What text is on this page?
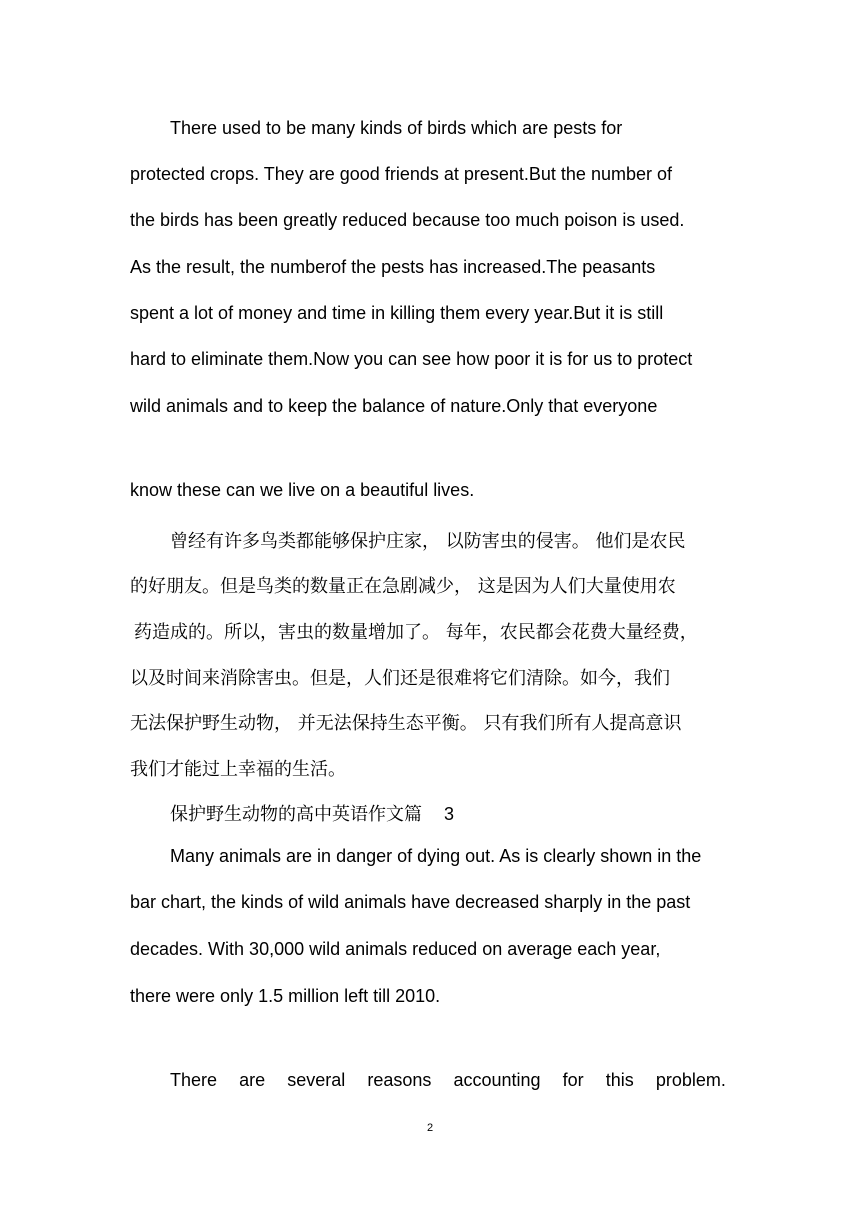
There used to be many kinds of birds which are pests for

protected crops. They are good friends at present.But the number of

the birds has been greatly reduced because too much poison is used.

As the result, the numberof the pests has increased.The peasants

spent a lot of money and time in killing them every year.But it is still

hard to eliminate them.Now you can see how poor it is for us to protect

wild animals and to keep the balance of nature.Only that everyone

know these can we live on a beautiful lives.

曾经有许多鸟类都能够保护庄家， 以防害虫的侵害。 他们是农民

的好朋友。但是鸟类的数量正在急剧减少， 这是因为人们大量使用农

药造成的。所以，害虫的数量增加了。 每年，农民都会花费大量经费，

以及时间来消除害虫。但是，人们还是很难将它们清除。如今，我们

无法保护野生动物， 并无法保持生态平衡。 只有我们所有人提高意识

我们才能过上幸福的生活。

保护野生动物的高中英语作文篇 3

Many animals are in danger of dying out. As is clearly shown in the

bar chart, the kinds of wild animals have decreased sharply in the past

decades. With 30,000 wild animals reduced on average each year,

there were only 1.5 million left till 2010.

There are several reasons accounting for this problem.

2
